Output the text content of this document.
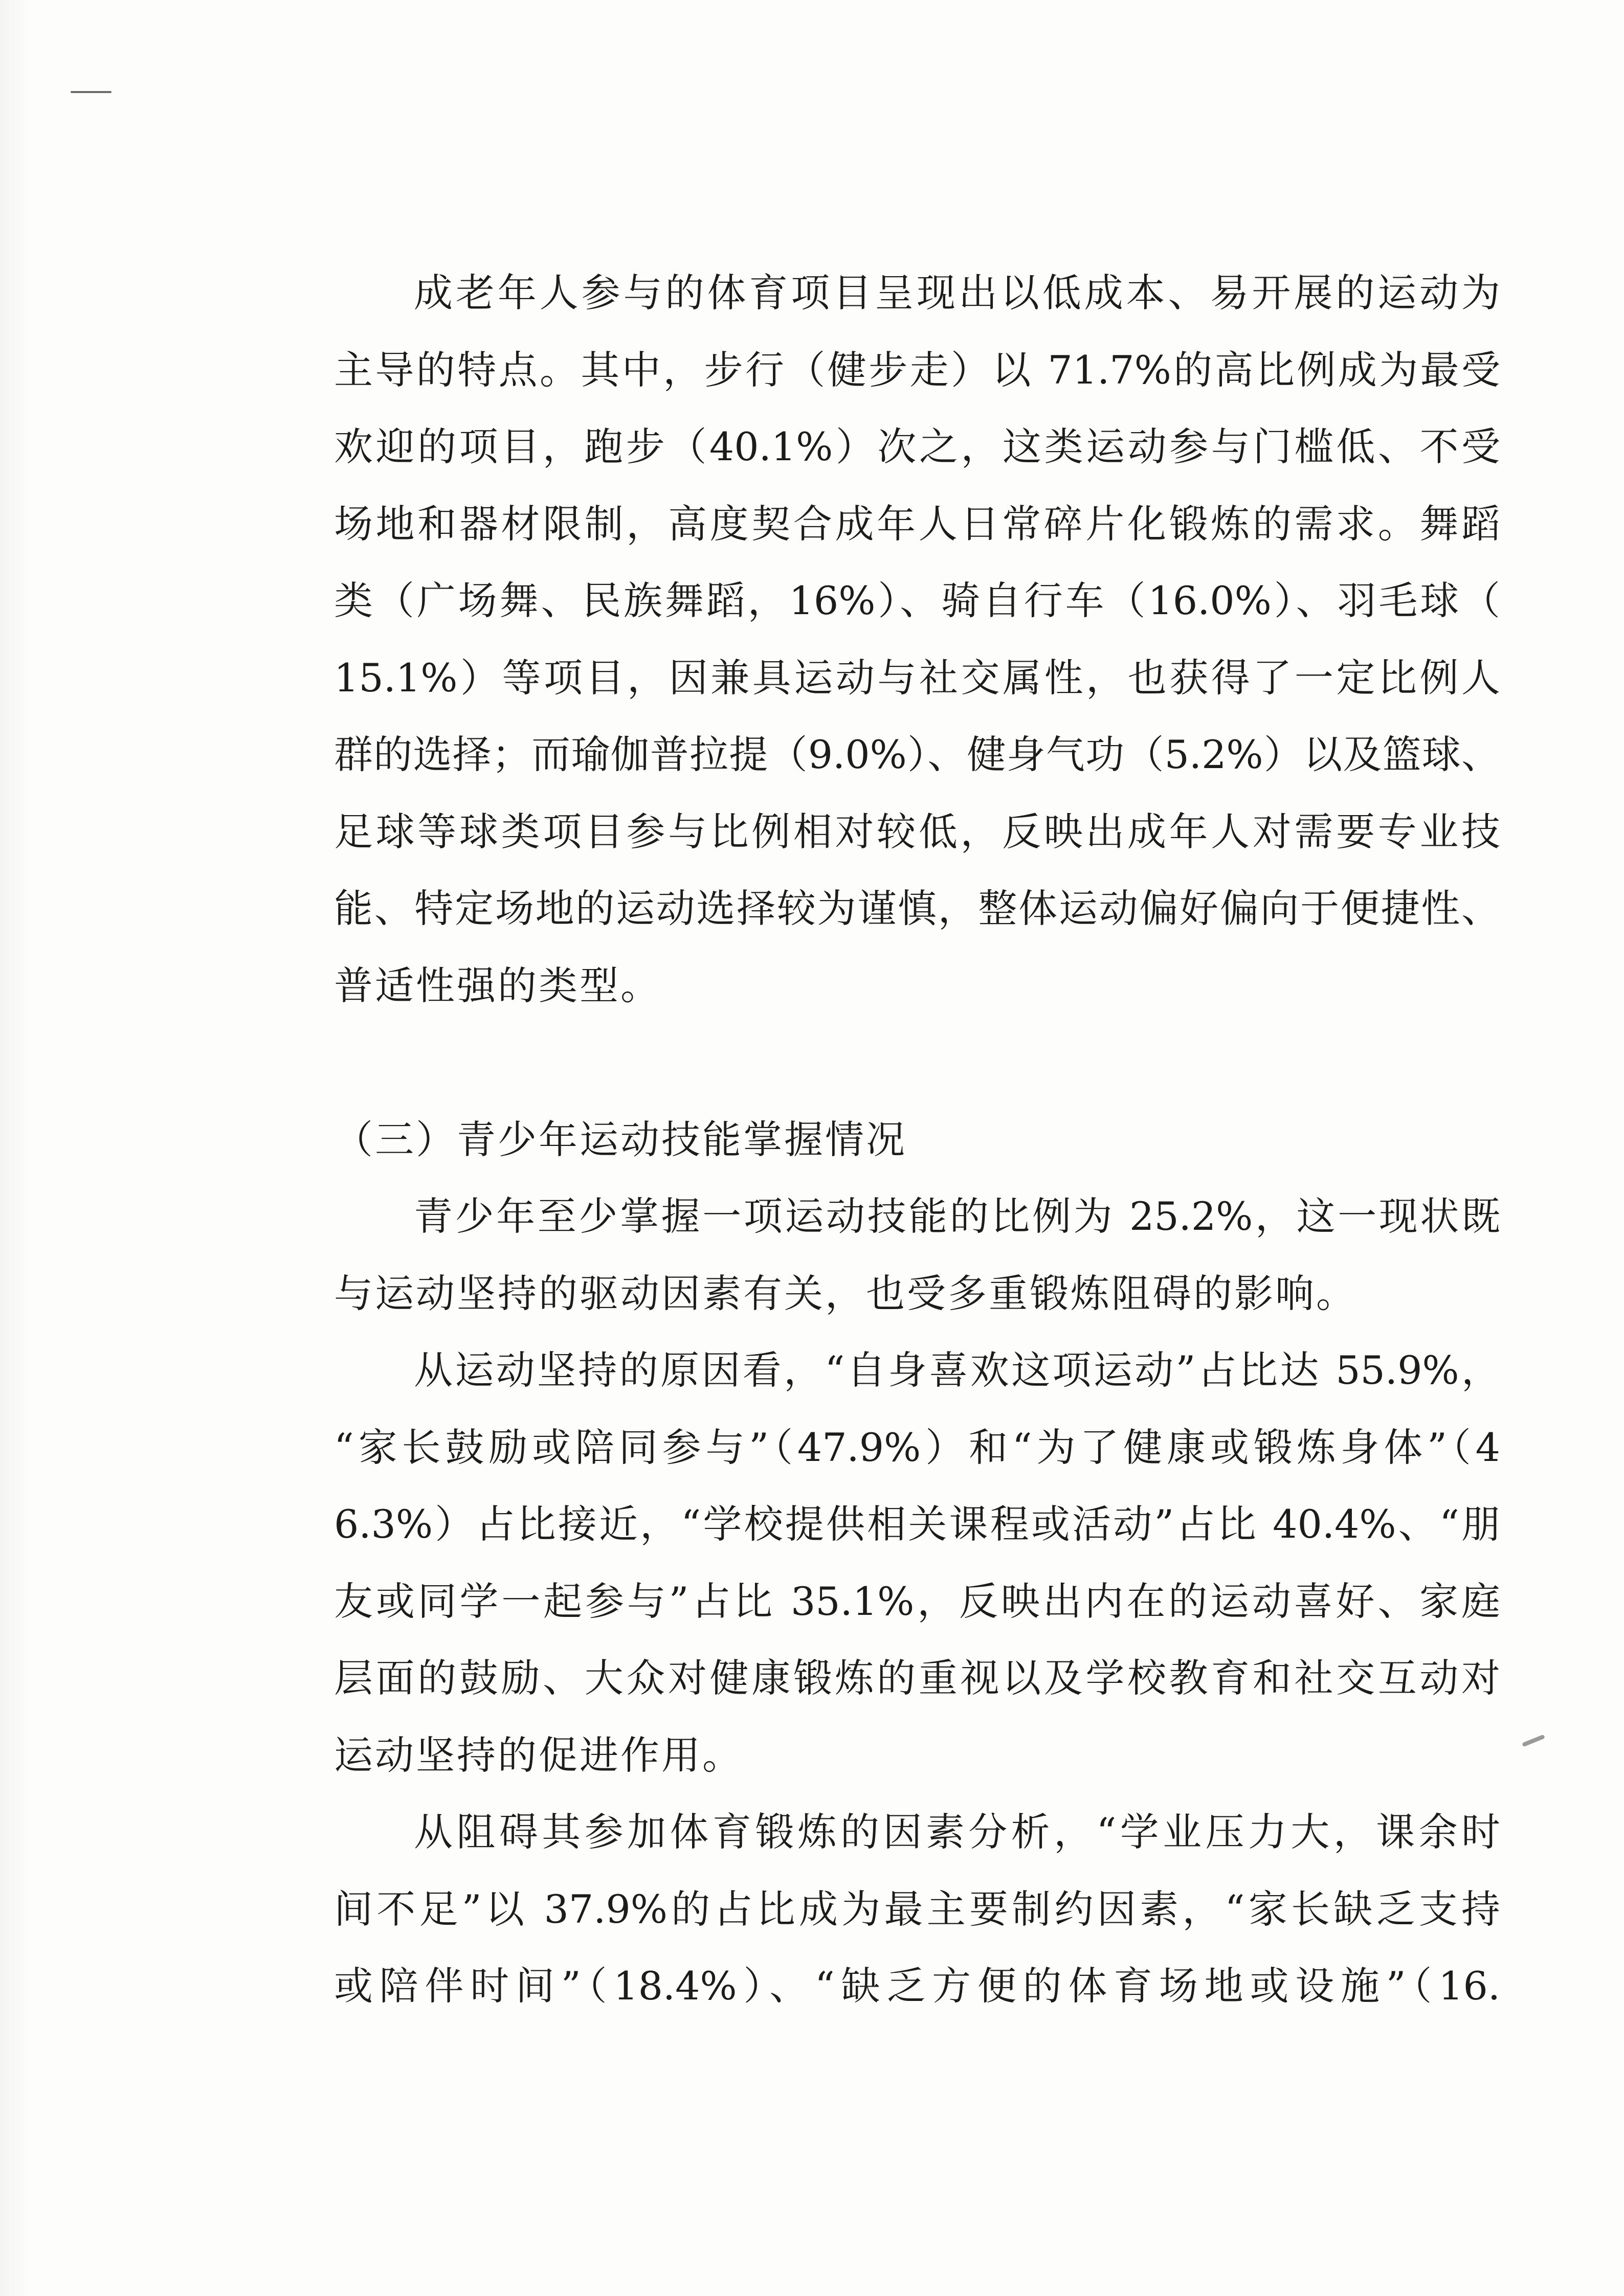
成老年人参与的体育项目呈现出以低成本、易开展的运动为
主导的特点。其中，步行（健步走）以 71.7%的高比例成为最受
欢迎的项目，跑步（40.1%）次之，这类运动参与门槛低、不受
场地和器材限制，高度契合成年人日常碎片化锻炼的需求。舞蹈
类（广场舞、民族舞蹈，16%）、骑自行车（16.0%）、羽毛球（
15.1%）等项目，因兼具运动与社交属性，也获得了一定比例人
群的选择；而瑜伽普拉提（9.0%）、健身气功（5.2%）以及篮球、
足球等球类项目参与比例相对较低，反映出成年人对需要专业技
能、特定场地的运动选择较为谨慎，整体运动偏好偏向于便捷性、
普适性强的类型。
（三）青少年运动技能掌握情况
青少年至少掌握一项运动技能的比例为 25.2%，这一现状既
与运动坚持的驱动因素有关，也受多重锻炼阻碍的影响。
从运动坚持的原因看，“自身喜欢这项运动”占比达 55.9%，
“家长鼓励或陪同参与”（47.9%）和“为了健康或锻炼身体”（4
6.3%）占比接近，“学校提供相关课程或活动”占比 40.4%、“朋
友或同学一起参与”占比 35.1%，反映出内在的运动喜好、家庭
层面的鼓励、大众对健康锻炼的重视以及学校教育和社交互动对
运动坚持的促进作用。
从阻碍其参加体育锻炼的因素分析，“学业压力大，课余时
间不足”以 37.9%的占比成为最主要制约因素，“家长缺乏支持
或陪伴时间”（18.4%）、“缺乏方便的体育场地或设施”（16.
